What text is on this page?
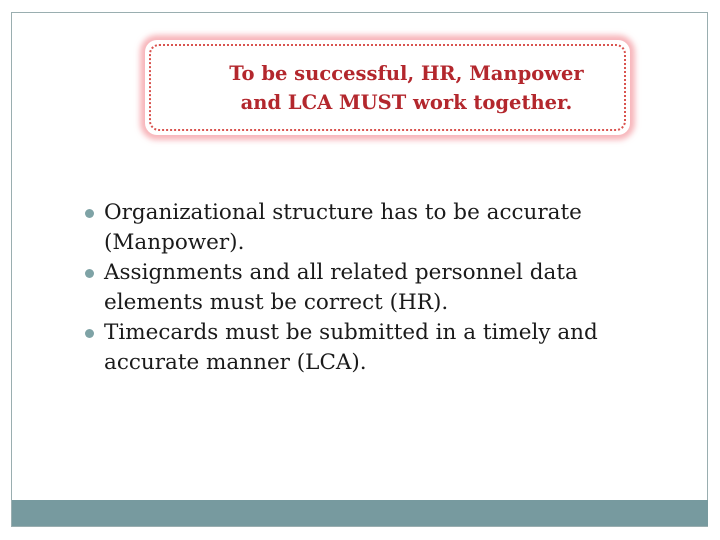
To be successful, HR, Manpower
and LCA MUST work together.
Organizational structure has to be accurate
(Manpower).
Assignments and all related personnel data
elements must be correct (HR).
Timecards must be submitted in a timely and
accurate manner (LCA).
